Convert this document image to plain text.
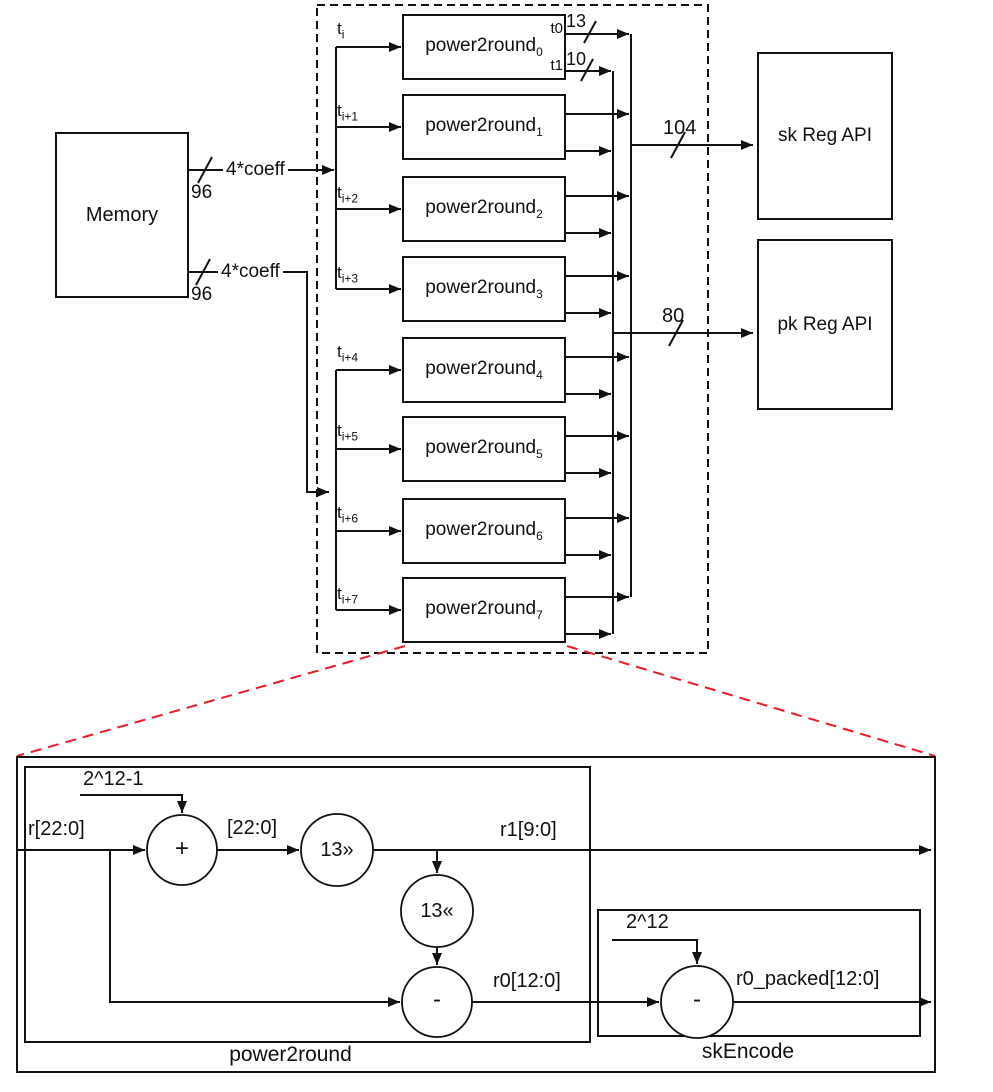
Memory
4*coeff
96
4*coeff
96
$t_i$
$t_{i+1}$
$t_{i+2}$
$t_{i+3}$
$t_{i+4}$
$t_{i+5}$
$t_{i+6}$
$t_{i+7}$
power2round$_0$
power2round$_1$
power2round$_2$
power2round$_3$
power2round$_4$
power2round$_5$
power2round$_6$
power2round$_7$
t0
t1
13
10
104
80
sk Reg API
pk Reg API
r[22:0]
2^12-1
[22:0]	r1[9:0]
r0[12:0]
2^12
r0_packed[12:0]
power2round	skEncode
+	13»
13«
-	-
